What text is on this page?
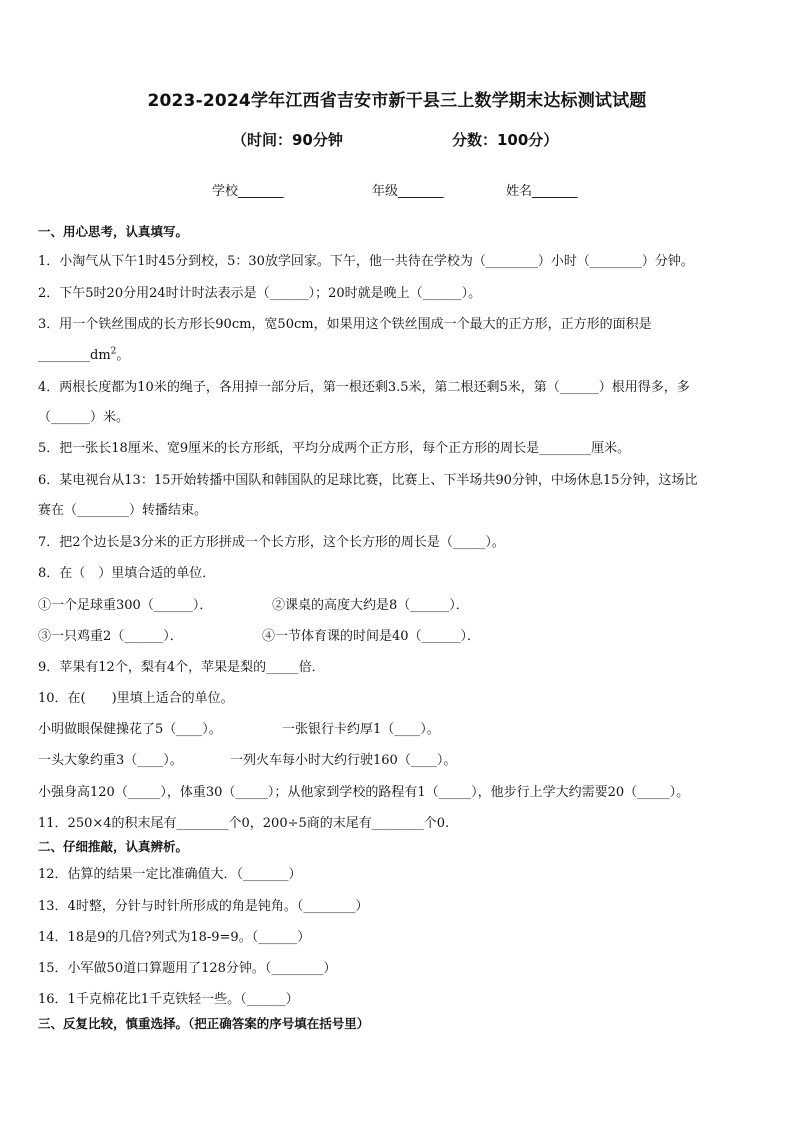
2023-2024学年江西省吉安市新干县三上数学期末达标测试试题
（时间：90分钟	分数：100分）
学校_______	年级_______	姓名_______
一、用心思考，认真填写。
1．小淘气从下午1时45分到校，5：30放学回家。下午，他一共待在学校为（________）小时（________）分钟。
2．下午5时20分用24时计时法表示是（______）；20时就是晚上（______）。
3．用一个铁丝围成的长方形长90cm，宽50cm，如果用这个铁丝围成一个最大的正方形，正方形的面积是
$\_\_\_\_\_\_\_\_dm^2$。
4．两根长度都为10米的绳子，各用掉一部分后，第一根还剩3.5米，第二根还剩5米，第（______）根用得多，多
（______）米。
5．把一张长18厘米、宽9厘米的长方形纸，平均分成两个正方形，每个正方形的周长是________厘米。
6．某电视台从13：15开始转播中国队和韩国队的足球比赛，比赛上、下半场共90分钟，中场休息15分钟，这场比
赛在（________）转播结束。
7．把2个边长是3分米的正方形拼成一个长方形，这个长方形的周长是（_____）。
8．在（　）里填合适的单位．
①一个足球重300（______）．	②课桌的高度大约是8（______）．
③一只鸡重2（______）．	④一节体育课的时间是40（______）．
9．苹果有12个，梨有4个，苹果是梨的_____倍．
10．在(　　)里填上适合的单位。
小明做眼保健操花了5（____）。	一张银行卡约厚1（____）。
一头大象约重3（____）。	一列火车每小时大约行驶160（____）。
小强身高120（_____），体重30（_____）；从他家到学校的路程有1（_____），他步行上学大约需要20（_____）。
11．250×4的积末尾有________个0，200÷5商的末尾有________个0.
二、仔细推敲，认真辨析。
12．估算的结果一定比准确值大．（_______）
13．4时整，分针与时针所形成的角是钝角。（________）
14．18是9的几倍?列式为18-9=9。（______）
15．小军做50道口算题用了128分钟。（________）
16．1千克棉花比1千克铁轻一些。（______）
三、反复比较，慎重选择。（把正确答案的序号填在括号里）
